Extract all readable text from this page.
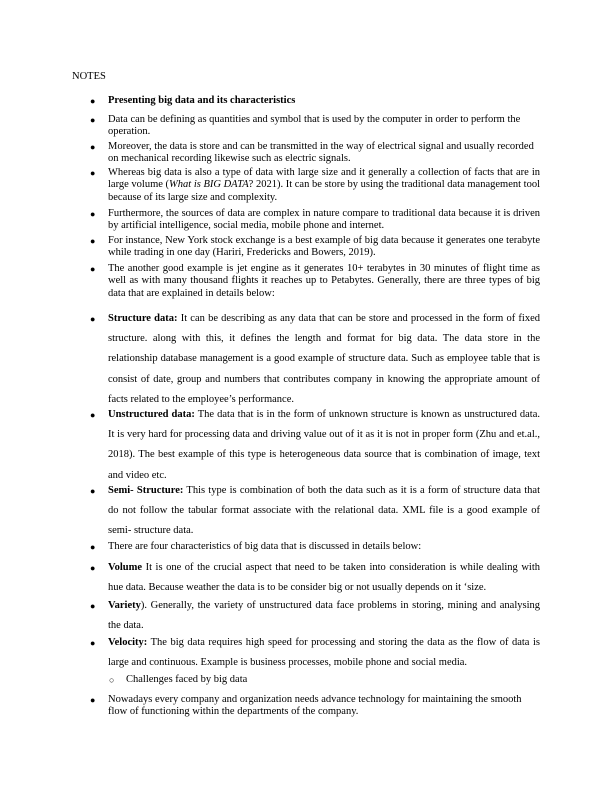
NOTES
● Presenting big data and its characteristics
● Data can be defining as quantities and symbol that is used by the computer in order to perform the operation.
● Moreover, the data is store and can be transmitted in the way of electrical signal and usually recorded on mechanical recording likewise such as electric signals.
● Whereas big data is also a type of data with large size and it generally a collection of facts that are in large volume (What is BIG DATA? 2021). It can be store by using the traditional data management tool because of its large size and complexity.
● Furthermore, the sources of data are complex in nature compare to traditional data because it is driven by artificial intelligence, social media, mobile phone and internet.
● For instance, New York stock exchange is a best example of big data because it generates one terabyte while trading in one day (Hariri, Fredericks and Bowers, 2019).
● The another good example is jet engine as it generates 10+ terabytes in 30 minutes of flight time as well as with many thousand flights it reaches up to Petabytes. Generally, there are three types of big data that are explained in details below:
● Structure data: It can be describing as any data that can be store and processed in the form of fixed structure. along with this, it defines the length and format for big data. The data store in the relationship database management is a good example of structure data. Such as employee table that is consist of date, group and numbers that contributes company in knowing the appropriate amount of facts related to the employee’s performance.
● Unstructured data: The data that is in the form of unknown structure is known as unstructured data. It is very hard for processing data and driving value out of it as it is not in proper form (Zhu and et.al., 2018). The best example of this type is heterogeneous data source that is combination of image, text and video etc.
● Semi- Structure: This type is combination of both the data such as it is a form of structure data that do not follow the tabular format associate with the relational data. XML file is a good example of semi- structure data.
● There are four characteristics of big data that is discussed in details below:
● Volume It is one of the crucial aspect that need to be taken into consideration is while dealing with hue data. Because weather the data is to be consider big or not usually depends on it ‘size.
● Variety). Generally, the variety of unstructured data face problems in storing, mining and analysing the data.
● Velocity: The big data requires high speed for processing and storing the data as the flow of data is large and continuous. Example is business processes, mobile phone and social media.
○ Challenges faced by big data
● Nowadays every company and organization needs advance technology for maintaining the smooth flow of functioning within the departments of the company.
